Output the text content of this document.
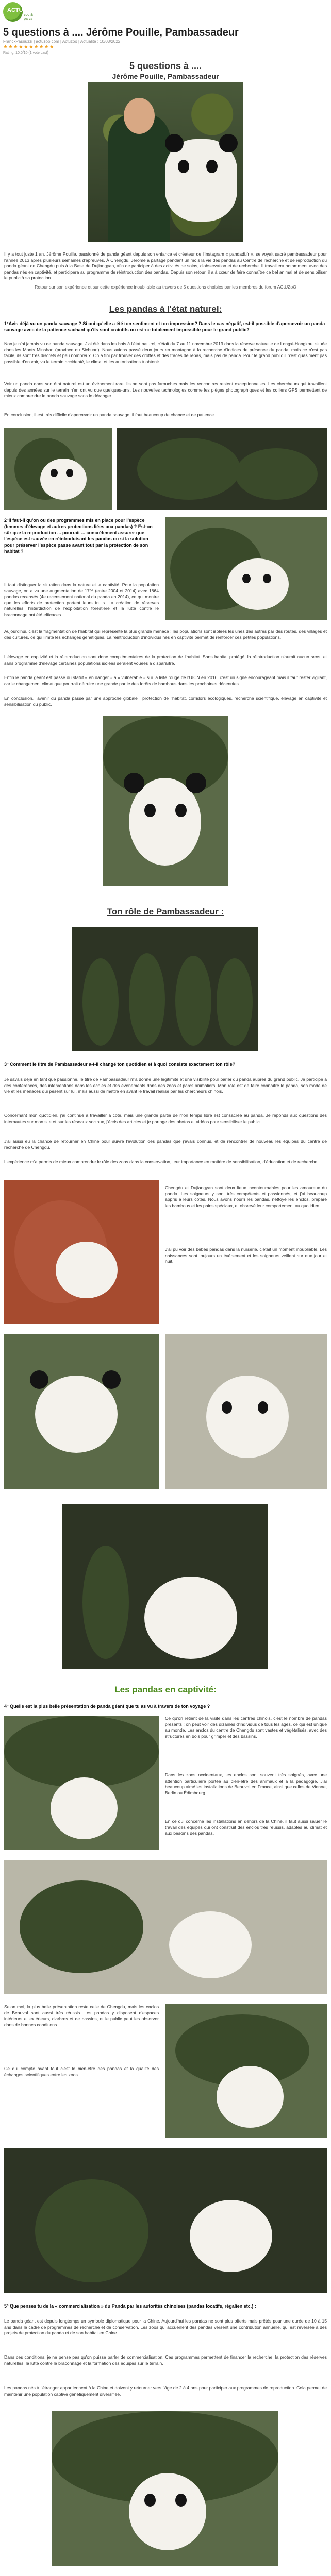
ACTU'ZOO
zoo & parcs
5 questions à .... Jérôme Pouille, Pambassadeur
FranckPasnuzzi | actuzoo.com | Actuzoo | Actualité : 10/03/2022
★★★★★★★★★★
Rating: 10.0/10 (1 vote cast)
5 questions à ....
Jérôme Pouille, Pambassadeur

Il y a tout juste 1 an, Jérôme Pouille, passionné de panda géant depuis son enfance et créateur de l'Instagram « pandadi.fr », se voyait sacré pambassadeur pour l'année 2013 après plusieurs semaines d'épreuves. À Chengdu, Jérôme a partagé pendant un mois la vie des pandas au Centre de recherche et de reproduction du panda géant de Chengdu puis à la Base de Dujiangyan, afin de participer à des activités de soins, d'observation et de recherche. Il travaillera notamment avec des pandas nés en captivité, et participera au programme de réintroduction des pandas. Depuis son retour, il a à cœur de faire connaître ce bel animal et de sensibiliser le public à sa protection.

Retour sur son expérience et sur cette expérience inoubliable au travers de 5 questions choisies par les membres du forum ACtUZoO

Les pandas à l'état naturel:

1°Avis déjà vu un panda sauvage ? Si oui qu'elle a été ton sentiment et ton impression? Dans le cas négatif, est-il possible d'apercevoir un panda sauvage avec de la patience sachant qu'ils sont craintifs ou est-ce totalement impossible pour le grand public?

Non je n'ai jamais vu de panda sauvage. J'ai été dans les bois à l'état naturel, c'était du 7 au 11 novembre 2013 dans la réserve naturelle de Longxi-Hongkou, située dans les Monts Minshan (province du Sichuan). Nous avions passé deux jours en montagne à la recherche d'indices de présence du panda, mais ce n'est pas facile, ils sont très discrets et peu nombreux. On a fini par trouver des crottes et des traces de repas, mais pas de panda. Pour le grand public il n'est quasiment pas possible d'en voir, vu le terrain accidenté, le climat et les autorisations à obtenir.

Voir un panda dans son état naturel est un événement rare. Ils ne sont pas farouches mais les rencontres restent exceptionnelles. Les chercheurs qui travaillent depuis des années sur le terrain n'en ont vu que quelques-uns. Les nouvelles technologies comme les pièges photographiques et les colliers GPS permettent de mieux comprendre le panda sauvage sans le déranger.

En conclusion, il est très difficile d'apercevoir un panda sauvage, il faut beaucoup de chance et de patience.

2°Il faut-il qu'on ou des programmes mis en place pour l'espèce (femmes d'élevage et autres protections liées aux pandas) ? Est-on sûr que la reproduction ... pourrait ... concrètement assurer que l'espèce est sauvée en réintroduisant les pandas ou si la solution pour préserver l'espèce passe avant tout par la protection de son habitat ?

Il faut distinguer la situation dans la nature et la captivité. Pour la population sauvage, on a vu une augmentation de 17% (entre 2004 et 2014) avec 1864 pandas recensés (4e recensement national du panda en 2014), ce qui montre que les efforts de protection portent leurs fruits. La création de réserves naturelles, l'interdiction de l'exploitation forestière et la lutte contre le braconnage ont été efficaces.

Aujourd'hui, c'est la fragmentation de l'habitat qui représente la plus grande menace : les populations sont isolées les unes des autres par des routes, des villages et des cultures, ce qui limite les échanges génétiques. La réintroduction d'individus nés en captivité permet de renforcer ces petites populations.

L'élevage en captivité et la réintroduction sont donc complémentaires de la protection de l'habitat. Sans habitat protégé, la réintroduction n'aurait aucun sens, et sans programme d'élevage certaines populations isolées seraient vouées à disparaître.

Enfin le panda géant est passé du statut « en danger » à « vulnérable » sur la liste rouge de l'UICN en 2016, c'est un signe encourageant mais il faut rester vigilant, car le changement climatique pourrait détruire une grande partie des forêts de bambous dans les prochaines décennies.

En conclusion, l'avenir du panda passe par une approche globale : protection de l'habitat, corridors écologiques, recherche scientifique, élevage en captivité et sensibilisation du public.

Ton rôle de Pambassadeur :

3° Comment le titre de Pambassadeur a-t-il changé ton quotidien et à quoi consiste exactement ton rôle?

Je savais déjà en tant que passionné, le titre de Pambassadeur m'a donné une légitimité et une visibilité pour parler du panda auprès du grand public. Je participe à des conférences, des interventions dans les écoles et des événements dans des zoos et parcs animaliers. Mon rôle est de faire connaître le panda, son mode de vie et les menaces qui pèsent sur lui, mais aussi de mettre en avant le travail réalisé par les chercheurs chinois.

Concernant mon quotidien, j'ai continué à travailler à côté, mais une grande partie de mon temps libre est consacrée au panda. Je réponds aux questions des internautes sur mon site et sur les réseaux sociaux, j'écris des articles et je partage des photos et vidéos pour sensibiliser le public.

J'ai aussi eu la chance de retourner en Chine pour suivre l'évolution des pandas que j'avais connus, et de rencontrer de nouveau les équipes du centre de recherche de Chengdu.

L'expérience m'a permis de mieux comprendre le rôle des zoos dans la conservation, leur importance en matière de sensibilisation, d'éducation et de recherche.

Chengdu et Dujiangyan sont deux lieux incontournables pour les amoureux du panda. Les soigneurs y sont très compétents et passionnés, et j'ai beaucoup appris à leurs côtés. Nous avons nourri les pandas, nettoyé les enclos, préparé les bambous et les pains spéciaux, et observé leur comportement au quotidien.

J'ai pu voir des bébés pandas dans la nurserie, c'était un moment inoubliable. Les naissances sont toujours un événement et les soigneurs veillent sur eux jour et nuit.

Les pandas en captivité:

4° Quelle est la plus belle présentation de panda géant que tu as vu à travers de ton voyage ?

Ce qu'on retient de la visite dans les centres chinois, c'est le nombre de pandas présents : on peut voir des dizaines d'individus de tous les âges, ce qui est unique au monde. Les enclos du centre de Chengdu sont vastes et végétalisés, avec des structures en bois pour grimper et des bassins.

Dans les zoos occidentaux, les enclos sont souvent très soignés, avec une attention particulière portée au bien-être des animaux et à la pédagogie. J'ai beaucoup aimé les installations de Beauval en France, ainsi que celles de Vienne, Berlin ou Édimbourg.

En ce qui concerne les installations en dehors de la Chine, il faut aussi saluer le travail des équipes qui ont construit des enclos très réussis, adaptés au climat et aux besoins des pandas.

Selon moi, la plus belle présentation reste celle de Chengdu, mais les enclos de Beauval sont aussi très réussis. Les pandas y disposent d'espaces intérieurs et extérieurs, d'arbres et de bassins, et le public peut les observer dans de bonnes conditions.

Ce qui compte avant tout c'est le bien-être des pandas et la qualité des échanges scientifiques entre les zoos.

5° Que penses tu de la « commercialisation » du Panda par les autorités chinoises (pandas locatifs, régalien etc.) :

Le panda géant est depuis longtemps un symbole diplomatique pour la Chine. Aujourd'hui les pandas ne sont plus offerts mais prêtés pour une durée de 10 à 15 ans dans le cadre de programmes de recherche et de conservation. Les zoos qui accueillent des pandas versent une contribution annuelle, qui est reversée à des projets de protection du panda et de son habitat en Chine.

Dans ces conditions, je ne pense pas qu'on puisse parler de commercialisation. Ces programmes permettent de financer la recherche, la protection des réserves naturelles, la lutte contre le braconnage et la formation des équipes sur le terrain.

Les pandas nés à l'étranger appartiennent à la Chine et doivent y retourner vers l'âge de 2 à 4 ans pour participer aux programmes de reproduction. Cela permet de maintenir une population captive génétiquement diversifiée.
